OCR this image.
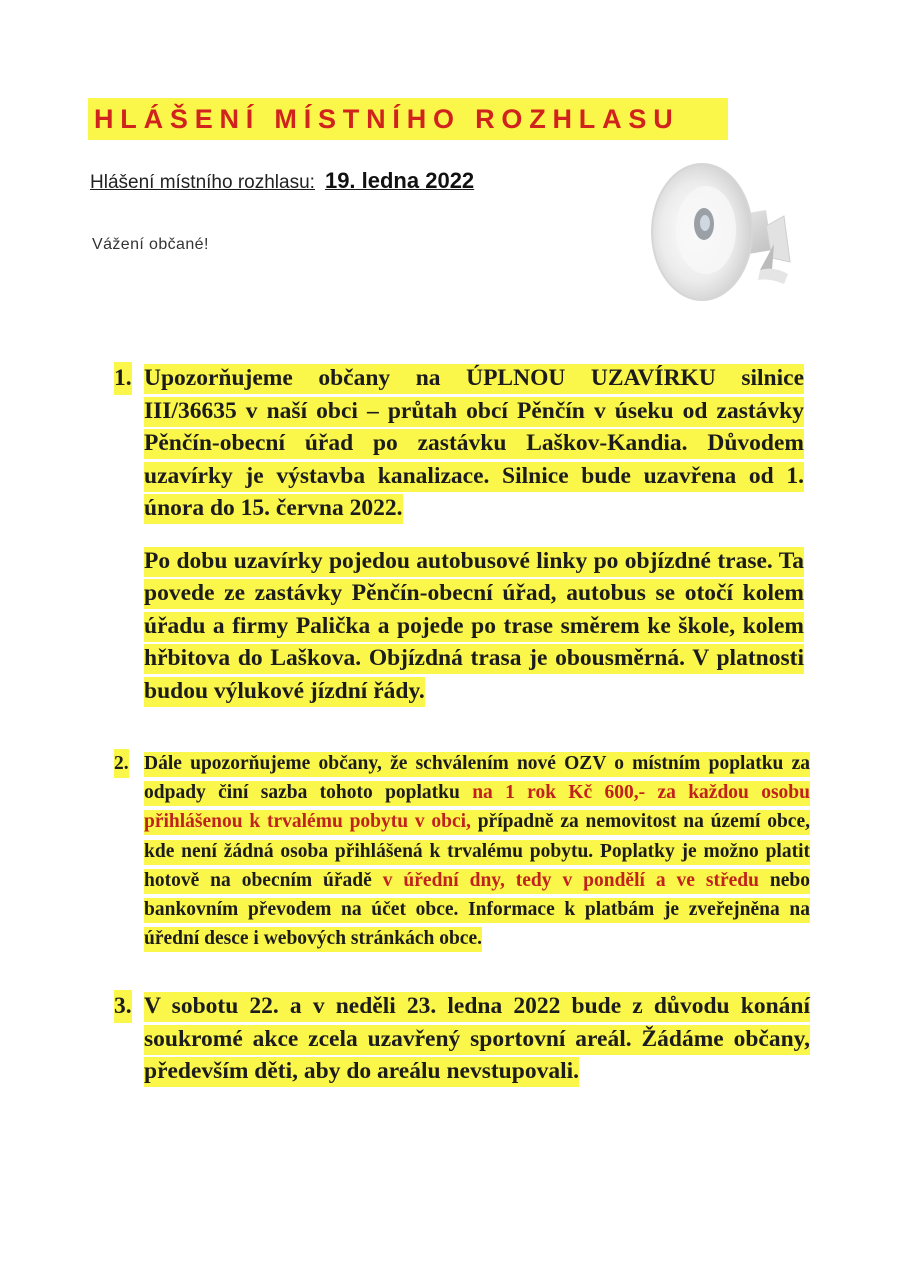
HLÁŠENÍ MÍSTNÍHO ROZHLASU
Hlášení místního rozhlasu: 19. ledna 2022
Vážení občané!
1. Upozorňujeme občany na ÚPLNOU UZAVÍRKU silnice III/36635 v naší obci – průtah obcí Pěnčín v úseku od zastávky Pěnčín-obecní úřad po zastávku Laškov-Kandia. Důvodem uzavírky je výstavba kanalizace. Silnice bude uzavřena od 1. února do 15. června 2022.
Po dobu uzavírky pojedou autobusové linky po objízdné trase. Ta povede ze zastávky Pěnčín-obecní úřad, autobus se otočí kolem úřadu a firmy Palička a pojede po trase směrem ke škole, kolem hřbitova do Laškova. Objízdná trasa je obousměrná. V platnosti budou výlukové jízdní řády.
2. Dále upozorňujeme občany, že schválením nové OZV o místním poplatku za odpady činí sazba tohoto poplatku na 1 rok Kč 600,- za každou osobu přihlášenou k trvalému pobytu v obci, případně za nemovitost na území obce, kde není žádná osoba přihlášená k trvalému pobytu. Poplatky je možno platit hotově na obecním úřadě v úřední dny, tedy v pondělí a ve středu nebo bankovním převodem na účet obce. Informace k platbám je zveřejněna na úřední desce i webových stránkách obce.
3. V sobotu 22. a v neděli 23. ledna 2022 bude z důvodu konání soukromé akce zcela uzavřený sportovní areál. Žádáme občany, především děti, aby do areálu nevstupovali.
